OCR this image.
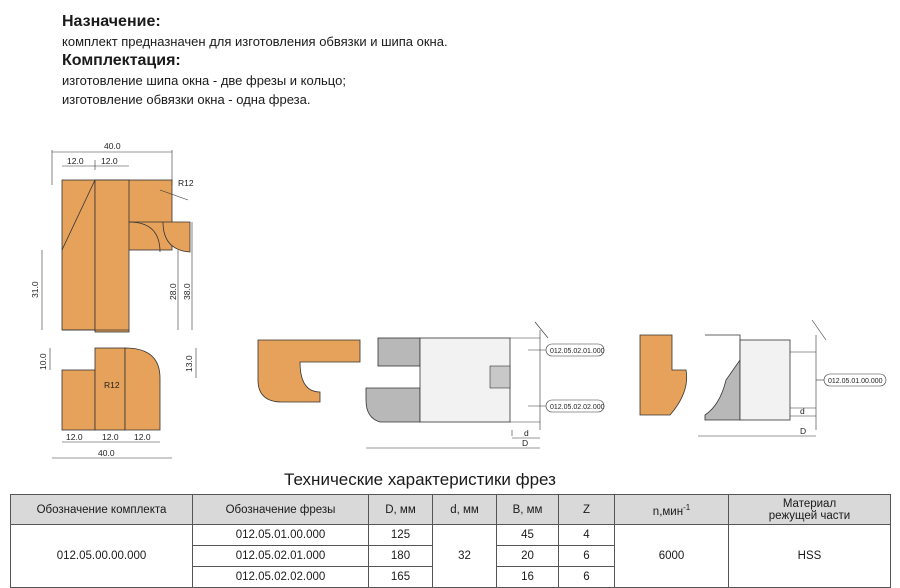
Назначение:

комплект предназначен для изготовления обвязки и шипа окна.

Комплектация:

изготовление шипа окна - две фрезы и кольцо;

изготовление обвязки окна - одна фреза.

40.0
12.0 12.0
R12
31.0	28.0 38.0
10.0	13.0
R12
12.0 12.0 12.0
40.0
012.05.02.01.000
012.05.02.02.000
d
D
012.05.01.00.000
d
D
Технические характеристики фрез
Обозначение комплекта	Обозначение фрезы	D, мм	d, мм	B, мм	Z	n,мин$^{-1}$	Материал
режущей части
012.05.00.00.000	012.05.01.00.000	125	32	45	4	6000	HSS
	012.05.02.01.000	180		20	6		
	012.05.02.02.000	165		16	6		
